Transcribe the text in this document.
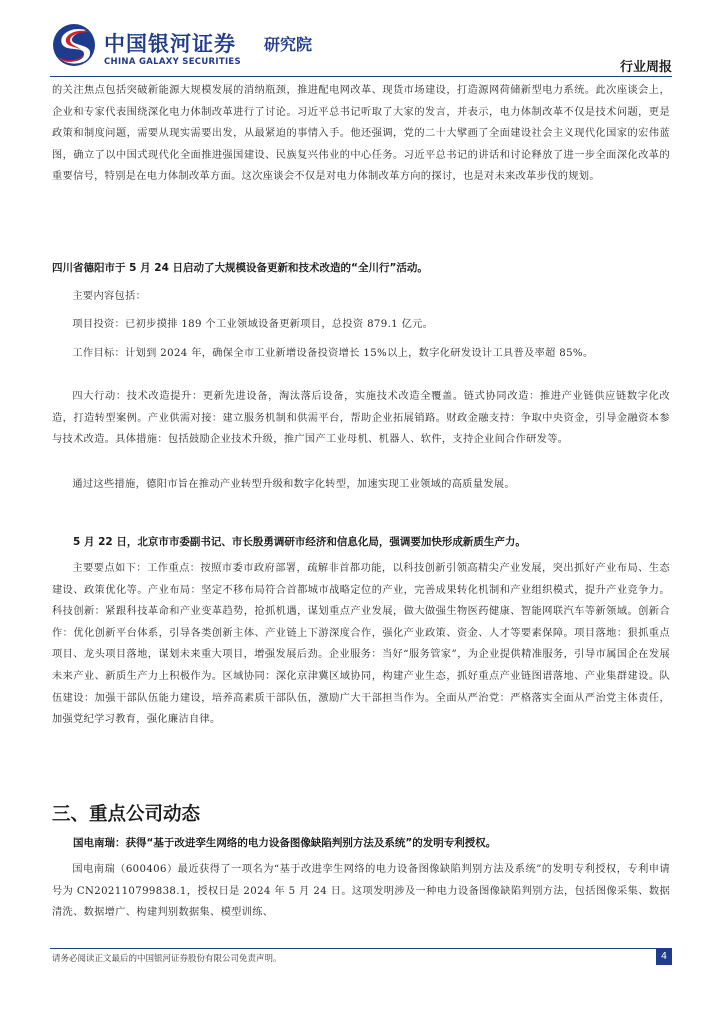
中国银河证券
CHINA GALAXY SECURITIES
研究院
行业周报

的关注焦点包括突破新能源大规模发展的消纳瓶颈，推进配电网改革、现货市场建设，打造源网荷储新型电力系统。此次座谈会上，企业和专家代表围绕深化电力体制改革进行了讨论。习近平总书记听取了大家的发言，并表示，电力体制改革不仅是技术问题，更是政策和制度问题，需要从现实需要出发，从最紧迫的事情入手。他还强调，党的二十大擘画了全面建设社会主义现代化国家的宏伟蓝图，确立了以中国式现代化全面推进强国建设、民族复兴伟业的中心任务。习近平总书记的讲话和讨论释放了进一步全面深化改革的重要信号，特别是在电力体制改革方面。这次座谈会不仅是对电力体制改革方向的探讨，也是对未来改革步伐的规划。

四川省德阳市于 5 月 24 日启动了大规模设备更新和技术改造的“全川行”活动。

主要内容包括：

项目投资：已初步摸排 189 个工业领域设备更新项目，总投资 879.1 亿元。

工作目标：计划到 2024 年，确保全市工业新增设备投资增长 15%以上，数字化研发设计工具普及率超 85%。

四大行动：技术改造提升：更新先进设备，淘汰落后设备，实施技术改造全覆盖。链式协同改造：推进产业链供应链数字化改造，打造转型案例。产业供需对接：建立服务机制和供需平台，帮助企业拓展销路。财政金融支持：争取中央资金，引导金融资本参与技术改造。具体措施：包括鼓励企业技术升级，推广国产工业母机、机器人、软件，支持企业间合作研发等。

通过这些措施，德阳市旨在推动产业转型升级和数字化转型，加速实现工业领域的高质量发展。

5 月 22 日，北京市市委副书记、市长殷勇调研市经济和信息化局，强调要加快形成新质生产力。

主要要点如下：工作重点：按照市委市政府部署，疏解非首都功能，以科技创新引领高精尖产业发展，突出抓好产业布局、生态建设、政策优化等。产业布局：坚定不移布局符合首都城市战略定位的产业，完善成果转化机制和产业组织模式，提升产业竞争力。科技创新：紧跟科技革命和产业变革趋势，抢抓机遇，谋划重点产业发展，做大做强生物医药健康、智能网联汽车等新领域。创新合作：优化创新平台体系，引导各类创新主体、产业链上下游深度合作，强化产业政策、资金、人才等要素保障。项目落地：狠抓重点项目、龙头项目落地，谋划未来重大项目，增强发展后劲。企业服务：当好“服务管家”，为企业提供精准服务，引导市属国企在发展未来产业、新质生产力上积极作为。区域协同：深化京津冀区域协同，构建产业生态，抓好重点产业链图谱落地、产业集群建设。队伍建设：加强干部队伍能力建设，培养高素质干部队伍，激励广大干部担当作为。全面从严治党：严格落实全面从严治党主体责任，加强党纪学习教育，强化廉洁自律。

三、重点公司动态

国电南瑞：获得“基于改进孪生网络的电力设备图像缺陷判别方法及系统”的发明专利授权。

国电南瑞（600406）最近获得了一项名为“基于改进孪生网络的电力设备图像缺陷判别方法及系统”的发明专利授权，专利申请号为 CN202110799838.1，授权日是 2024 年 5 月 24 日。这项发明涉及一种电力设备图像缺陷判别方法，包括图像采集、数据清洗、数据增广、构建判别数据集、模型训练、

请务必阅读正文最后的中国银河证券股份有限公司免责声明。	4
